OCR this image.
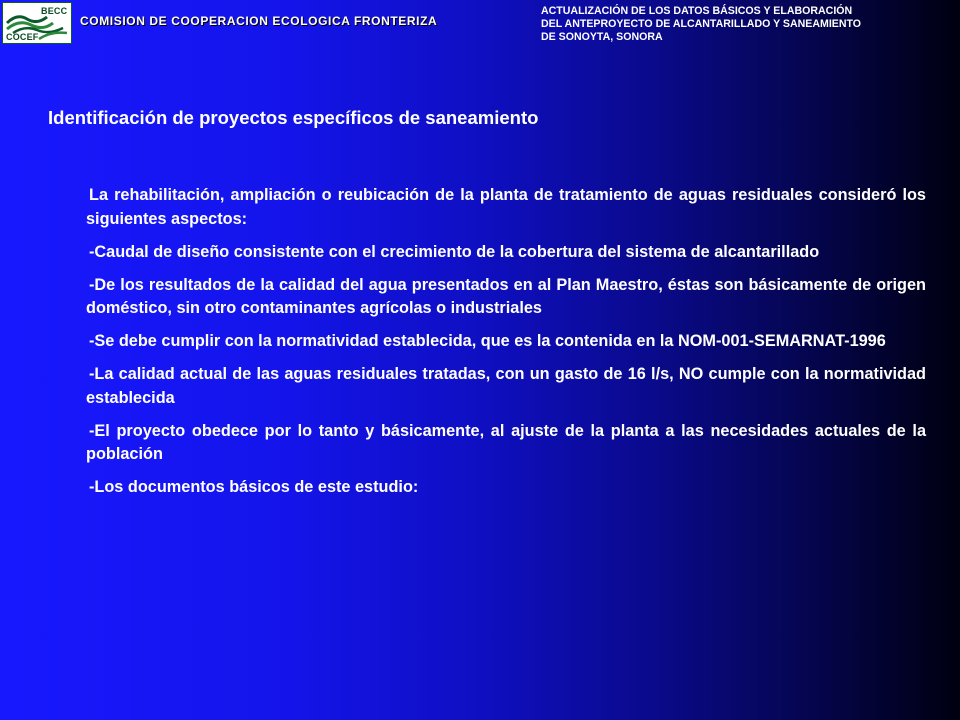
BECC
COCEF
COMISION DE COOPERACION ECOLOGICA FRONTERIZA
ACTUALIZACIÓN DE LOS DATOS BÁSICOS Y ELABORACIÓN
DEL ANTEPROYECTO DE ALCANTARILLADO Y SANEAMIENTO
DE SONOYTA, SONORA
Identificación de proyectos específicos de saneamiento

La rehabilitación, ampliación o reubicación de la planta de tratamiento de aguas residuales consideró los siguientes aspectos:

-Caudal de diseño consistente con el crecimiento de la cobertura del sistema de alcantarillado

-De los resultados de la calidad del agua presentados en al Plan Maestro, éstas son básicamente de origen doméstico, sin otro contaminantes agrícolas o industriales

-Se debe cumplir con la normatividad establecida, que es la contenida en la NOM-001-SEMARNAT-1996

-La calidad actual de las aguas residuales tratadas, con un gasto de 16 l/s, NO cumple con la normatividad establecida

-El proyecto obedece por lo tanto y básicamente, al ajuste de la planta a las necesidades actuales de la población

-Los documentos básicos de este estudio:
